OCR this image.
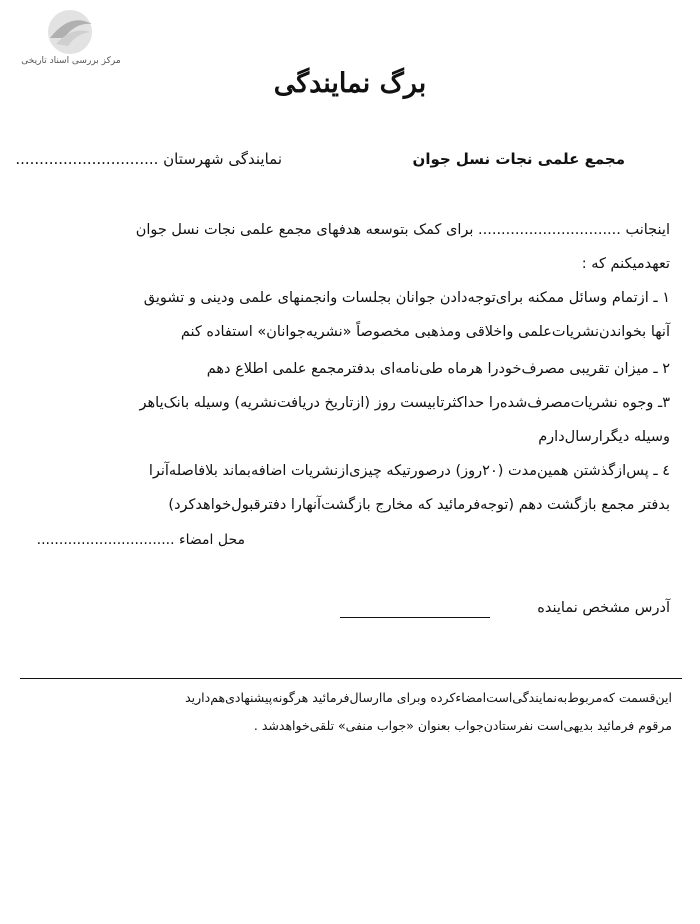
مرکز بررسی اسناد تاریخی
برگ نمایندگی
مجمع علمی نجات نسل جوان
نمایندگی شهرستان ..............................
اینجانب ............................... برای کمک بتوسعه هدفهای مجمع علمی نجات نسل جوان
تعهدمیکنم که :
۱ ـ ازتمام وسائل ممکنه برای‌توجه‌دادن جوانان بجلسات وانجمنهای علمی ودینی و تشویق
آنها بخواندن‌نشریات‌علمی واخلاقی ومذهبی مخصوصاً «نشریه‌جوانان» استفاده کنم
۲ ـ میزان تقریبی مصرف‌خودرا هرماه طی‌نامه‌ای بدفترمجمع علمی اطلاع دهم
۳ـ وجوه نشریات‌مصرف‌شده‌را حداکثر‌تابیست روز (ازتاریخ دریافت‌نشریه) وسیله بانک‌یاهر
وسیله دیگرارسال‌دارم
٤ ـ پس‌ازگذشتن همین‌مدت (۲۰روز) درصورتیکه چیزی‌ازنشریات اضافه‌بماند بلافاصله‌آنرا
بدفتر مجمع بازگشت دهم (توجه‌فرمائید که مخارج بازگشت‌آنهارا دفترقبول‌خواهدکرد)
محل امضاء ...............................
آدرس مشخص نماینده
این‌قسمت که‌مربوط‌به‌نمایندگی‌است‌امضاءکرده وبرای ما‌ارسال‌فرمائید هرگونه‌پیشنهادی‌هم‌دارید
مرقوم فرمائید بدیهی‌است نفرستادن‌جواب بعنوان «جواب منفی» تلقی‌خواهدشد .
